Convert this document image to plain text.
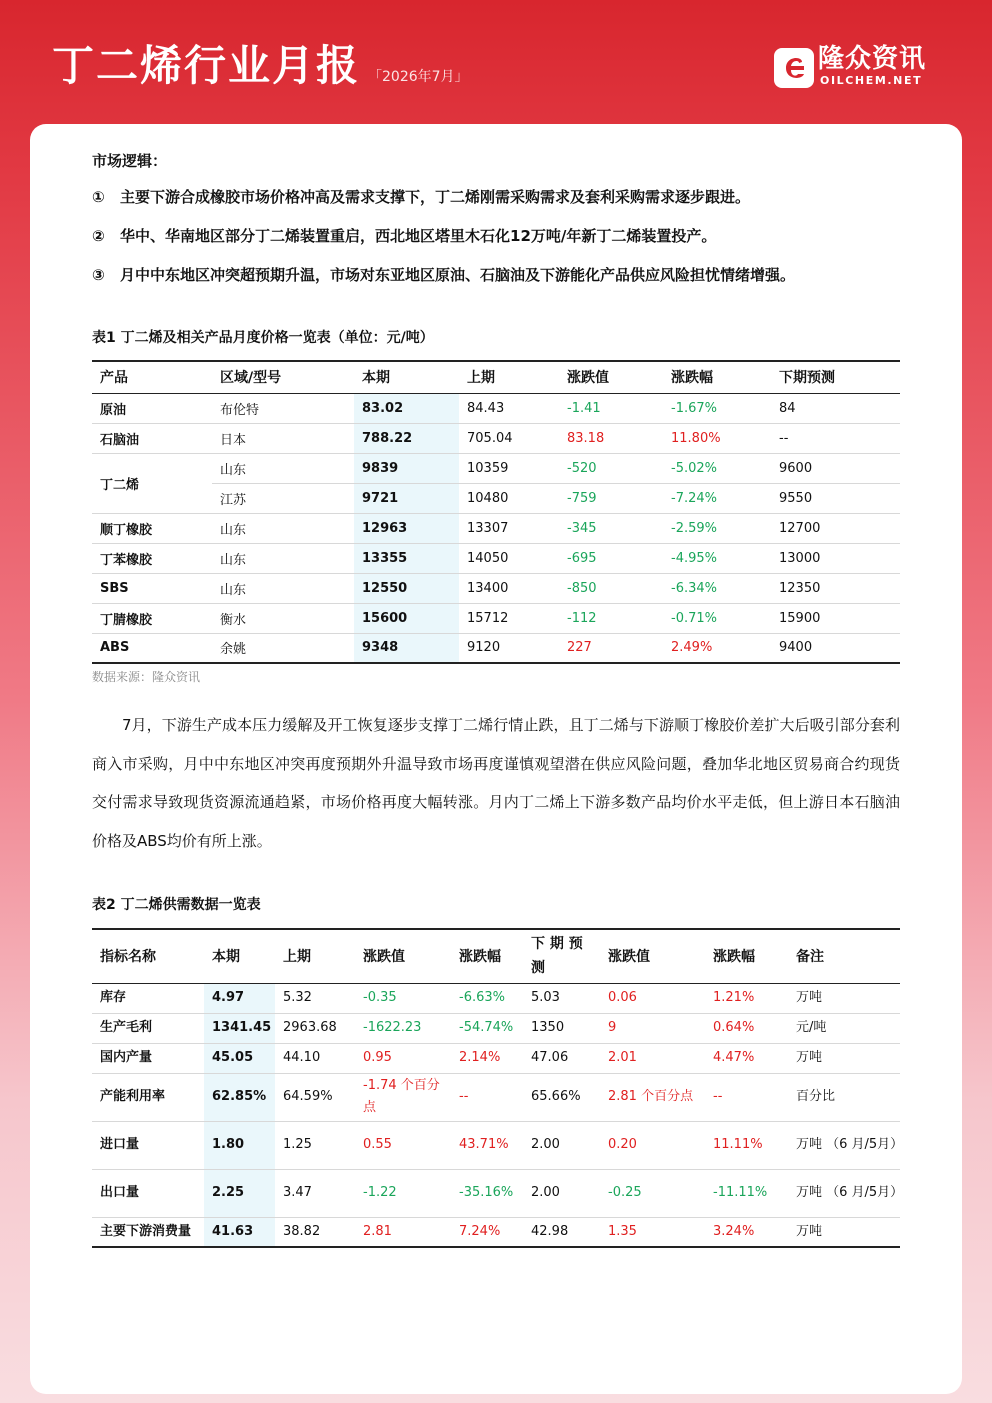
丁二烯行业月报 「2026年7月」
隆众资讯
OILCHEM.NET
市场逻辑：
① 主要下游合成橡胶市场价格冲高及需求支撑下，丁二烯刚需采购需求及套利采购需求逐步跟进。
② 华中、华南地区部分丁二烯装置重启，西北地区塔里木石化12万吨/年新丁二烯装置投产。
③ 月中中东地区冲突超预期升温，市场对东亚地区原油、石脑油及下游能化产品供应风险担忧情绪增强。
表1 丁二烯及相关产品月度价格一览表（单位：元/吨）
产品	区域/型号	本期	上期	涨跌值	涨跌幅	下期预测
原油	布伦特	83.02	84.43	-1.41	-1.67%	84
石脑油	日本	788.22	705.04	83.18	11.80%	--
丁二烯	山东	9839	10359	-520	-5.02%	9600
	江苏	9721	10480	-759	-7.24%	9550
顺丁橡胶	山东	12963	13307	-345	-2.59%	12700
丁苯橡胶	山东	13355	14050	-695	-4.95%	13000
SBS	山东	12550	13400	-850	-6.34%	12350
丁腈橡胶	衡水	15600	15712	-112	-0.71%	15900
ABS	余姚	9348	9120	227	2.49%	9400
数据来源：隆众资讯
7月，下游生产成本压力缓解及开工恢复逐步支撑丁二烯行情止跌，且丁二烯与下游顺丁橡胶价差扩大后吸引部分套利商入市采购，月中中东地区冲突再度预期外升温导致市场再度谨慎观望潜在供应风险问题，叠加华北地区贸易商合约现货交付需求导致现货资源流通趋紧，市场价格再度大幅转涨。月内丁二烯上下游多数产品均价水平走低，但上游日本石脑油价格及ABS均价有所上涨。
表2 丁二烯供需数据一览表
指标名称	本期	上期	涨跌值	涨跌幅	下 期 预 测	涨跌值	涨跌幅	备注
库存	4.97	5.32	-0.35	-6.63%	5.03	0.06	1.21%	万吨
生产毛利	1341.45	2963.68	-1622.23	-54.74%	1350	9	0.64%	元/吨
国内产量	45.05	44.10	0.95	2.14%	47.06	2.01	4.47%	万吨
产能利用率	62.85%	64.59%	-1.74 个百分点	--	65.66%	2.81 个百分点	--	百分比
进口量	1.80	1.25	0.55	43.71%	2.00	0.20	11.11%	万吨 （6 月/5月）
出口量	2.25	3.47	-1.22	-35.16%	2.00	-0.25	-11.11%	万吨 （6 月/5月）
主要下游消费量	41.63	38.82	2.81	7.24%	42.98	1.35	3.24%	万吨
